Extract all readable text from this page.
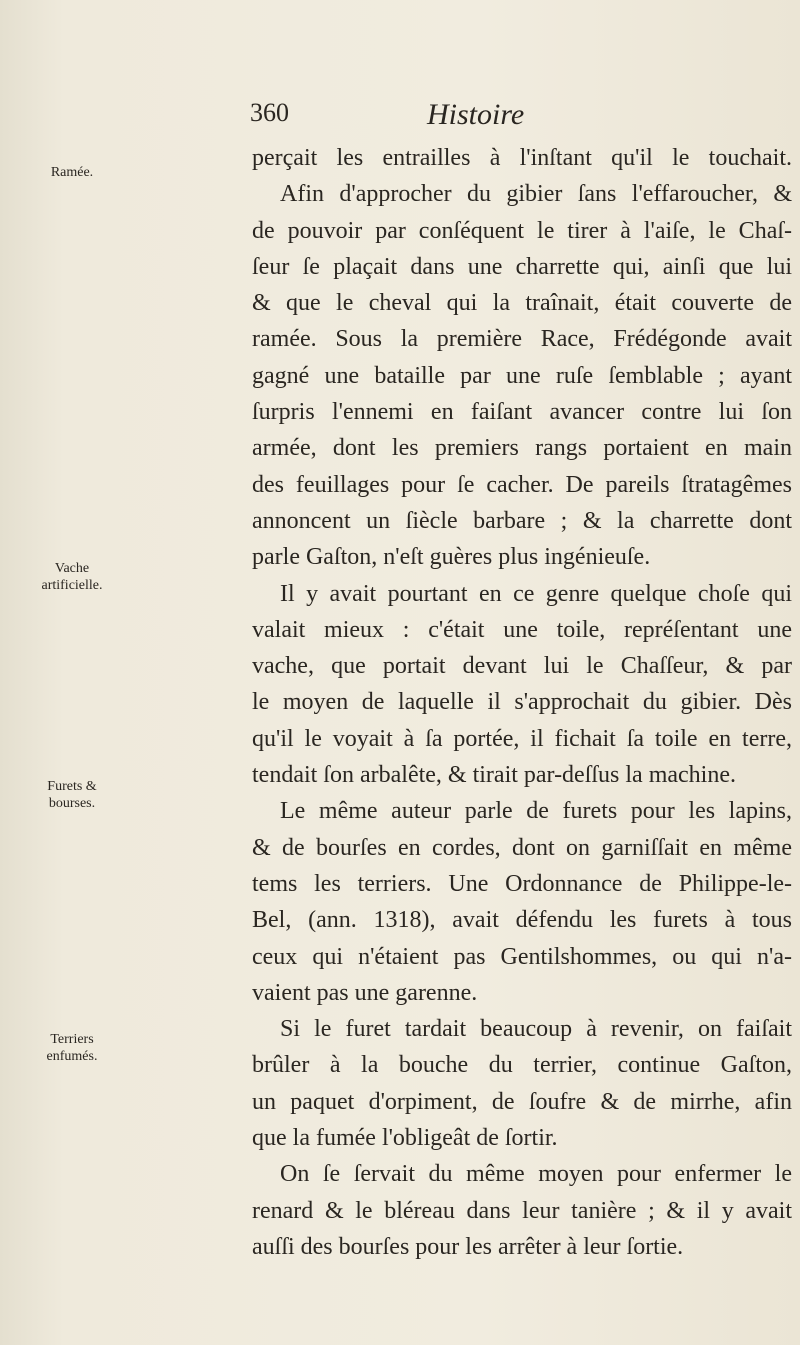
360	Histoire
Ramée.
Vache artificielle.
Furets & bourses.
Terriers enfumés.
perçait les entrailles à l'inſtant qu'il le touchait.
Afin d'approcher du gibier ſans l'effaroucher, &
de pouvoir par conſéquent le tirer à l'aiſe, le Chaſ-
ſeur ſe plaçait dans une charrette qui, ainſi que lui
& que le cheval qui la traînait, était couverte de
ramée. Sous la première Race, Frédégonde avait
gagné une bataille par une ruſe ſemblable ; ayant
ſurpris l'ennemi en faiſant avancer contre lui ſon
armée, dont les premiers rangs portaient en main
des feuillages pour ſe cacher. De pareils ſtratagêmes
annoncent un ſiècle barbare ; & la charrette dont
parle Gaſton, n'eſt guères plus ingénieuſe.
Il y avait pourtant en ce genre quelque choſe qui
valait mieux : c'était une toile, repréſentant une
vache, que portait devant lui le Chaſſeur, & par
le moyen de laquelle il s'approchait du gibier. Dès
qu'il le voyait à ſa portée, il fichait ſa toile en terre,
tendait ſon arbalête, & tirait par-deſſus la machine.
Le même auteur parle de furets pour les lapins,
& de bourſes en cordes, dont on garniſſait en même
tems les terriers. Une Ordonnance de Philippe-le-
Bel, (ann. 1318), avait défendu les furets à tous
ceux qui n'étaient pas Gentilshommes, ou qui n'a-
vaient pas une garenne.
Si le furet tardait beaucoup à revenir, on faiſait
brûler à la bouche du terrier, continue Gaſton,
un paquet d'orpiment, de ſoufre & de mirrhe, afin
que la fumée l'obligeât de ſortir.
On ſe ſervait du même moyen pour enfermer le
renard & le bléreau dans leur tanière ; & il y avait
auſſi des bourſes pour les arrêter à leur ſortie.
